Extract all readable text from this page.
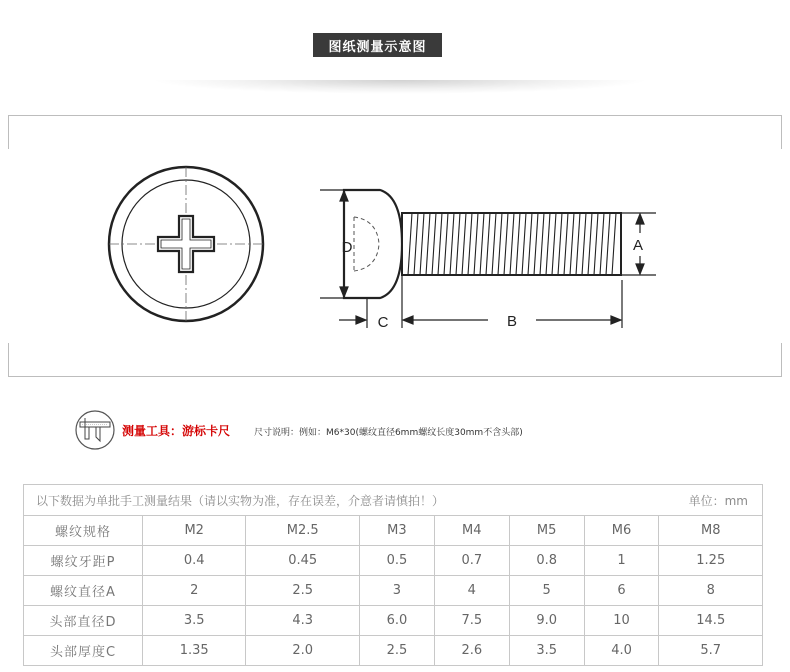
图纸测量示意图
D	A
B
C
测量工具：游标卡尺	尺寸说明：例如：M6*30(螺纹直径6mm螺纹长度30mm不含头部)
以下数据为单批手工测量结果（请以实物为准，存在误差，介意者请慎拍！） 单位：mm							

螺纹规格	M2	M2.5	M3	M4	M5	M6	M8
螺纹牙距P	0.4	0.45	0.5	0.7	0.8	1	1.25
螺纹直径A	2	2.5	3	4	5	6	8
头部直径D	3.5	4.3	6.0	7.5	9.0	10	14.5
头部厚度C	1.35	2.0	2.5	2.6	3.5	4.0	5.7
